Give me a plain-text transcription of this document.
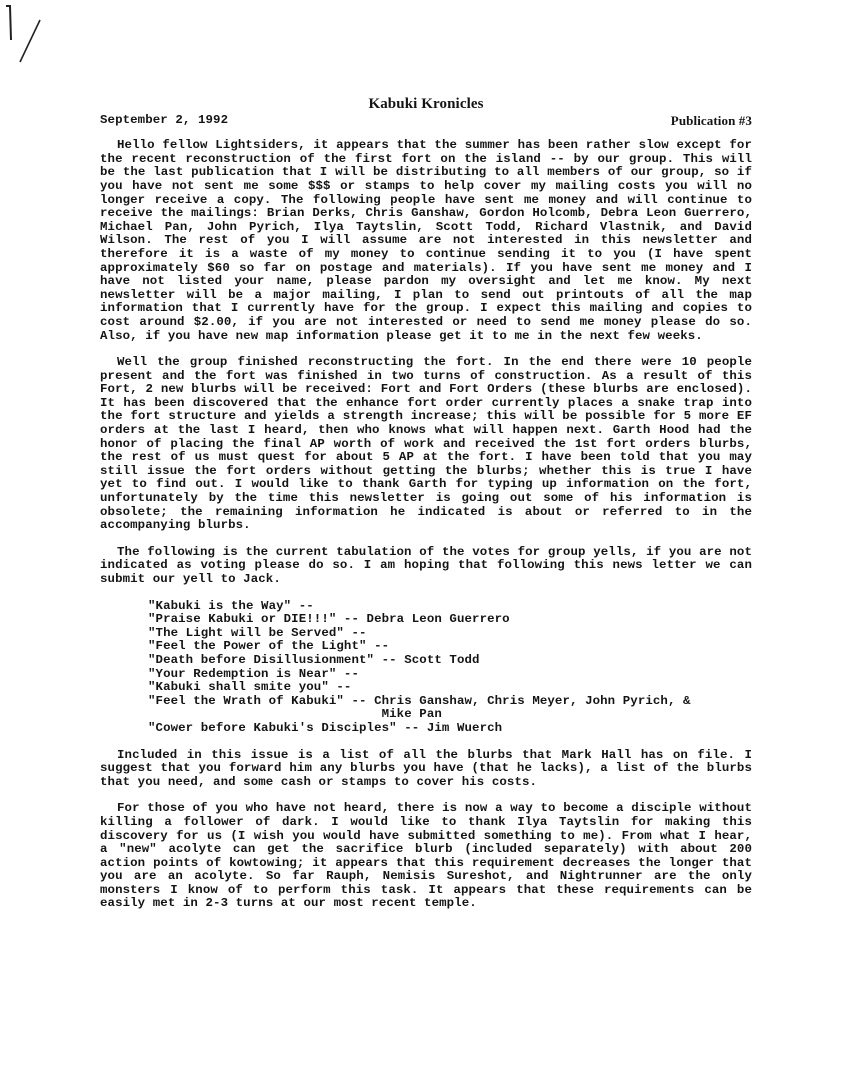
Kabuki Kronicles
September 2, 1992	Publication #3

Hello fellow Lightsiders, it appears that the summer has been rather slow except for the recent reconstruction of the first fort on the island -- by our group. This will be the last publication that I will be distributing to all members of our group, so if you have not sent me some $$$ or stamps to help cover my mailing costs you will no longer receive a copy. The following people have sent me money and will continue to receive the mailings: Brian Derks, Chris Ganshaw, Gordon Holcomb, Debra Leon Guerrero, Michael Pan, John Pyrich, Ilya Taytslin, Scott Todd, Richard Vlastnik, and David Wilson. The rest of you I will assume are not interested in this newsletter and therefore it is a waste of my money to continue sending it to you (I have spent approximately $60 so far on postage and materials). If you have sent me money and I have not listed your name, please pardon my oversight and let me know. My next newsletter will be a major mailing, I plan to send out printouts of all the map information that I currently have for the group. I expect this mailing and copies to cost around $2.00, if you are not interested or need to send me money please do so. Also, if you have new map information please get it to me in the next few weeks.

Well the group finished reconstructing the fort. In the end there were 10 people present and the fort was finished in two turns of construction. As a result of this Fort, 2 new blurbs will be received: Fort and Fort Orders (these blurbs are enclosed). It has been discovered that the enhance fort order currently places a snake trap into the fort structure and yields a strength increase; this will be possible for 5 more EF orders at the last I heard, then who knows what will happen next. Garth Hood had the honor of placing the final AP worth of work and received the 1st fort orders blurbs, the rest of us must quest for about 5 AP at the fort. I have been told that you may still issue the fort orders without getting the blurbs; whether this is true I have yet to find out. I would like to thank Garth for typing up information on the fort, unfortunately by the time this newsletter is going out some of his information is obsolete; the remaining information he indicated is about or referred to in the accompanying blurbs.

The following is the current tabulation of the votes for group yells, if you are not indicated as voting please do so. I am hoping that following this news letter we can submit our yell to Jack.

"Kabuki is the Way" --
"Praise Kabuki or DIE!!!" -- Debra Leon Guerrero
"The Light will be Served" --
"Feel the Power of the Light" --
"Death before Disillusionment" -- Scott Todd
"Your Redemption is Near" --
"Kabuki shall smite you" --
"Feel the Wrath of Kabuki" -- Chris Ganshaw, Chris Meyer, John Pyrich, &
Mike Pan
"Cower before Kabuki's Disciples" -- Jim Wuerch

Included in this issue is a list of all the blurbs that Mark Hall has on file. I suggest that you forward him any blurbs you have (that he lacks), a list of the blurbs that you need, and some cash or stamps to cover his costs.

For those of you who have not heard, there is now a way to become a disciple without killing a follower of dark. I would like to thank Ilya Taytslin for making this discovery for us (I wish you would have submitted something to me). From what I hear, a "new" acolyte can get the sacrifice blurb (included separately) with about 200 action points of kowtowing; it appears that this requirement decreases the longer that you are an acolyte. So far Rauph, Nemisis Sureshot, and Nightrunner are the only monsters I know of to perform this task. It appears that these requirements can be easily met in 2-3 turns at our most recent temple.
